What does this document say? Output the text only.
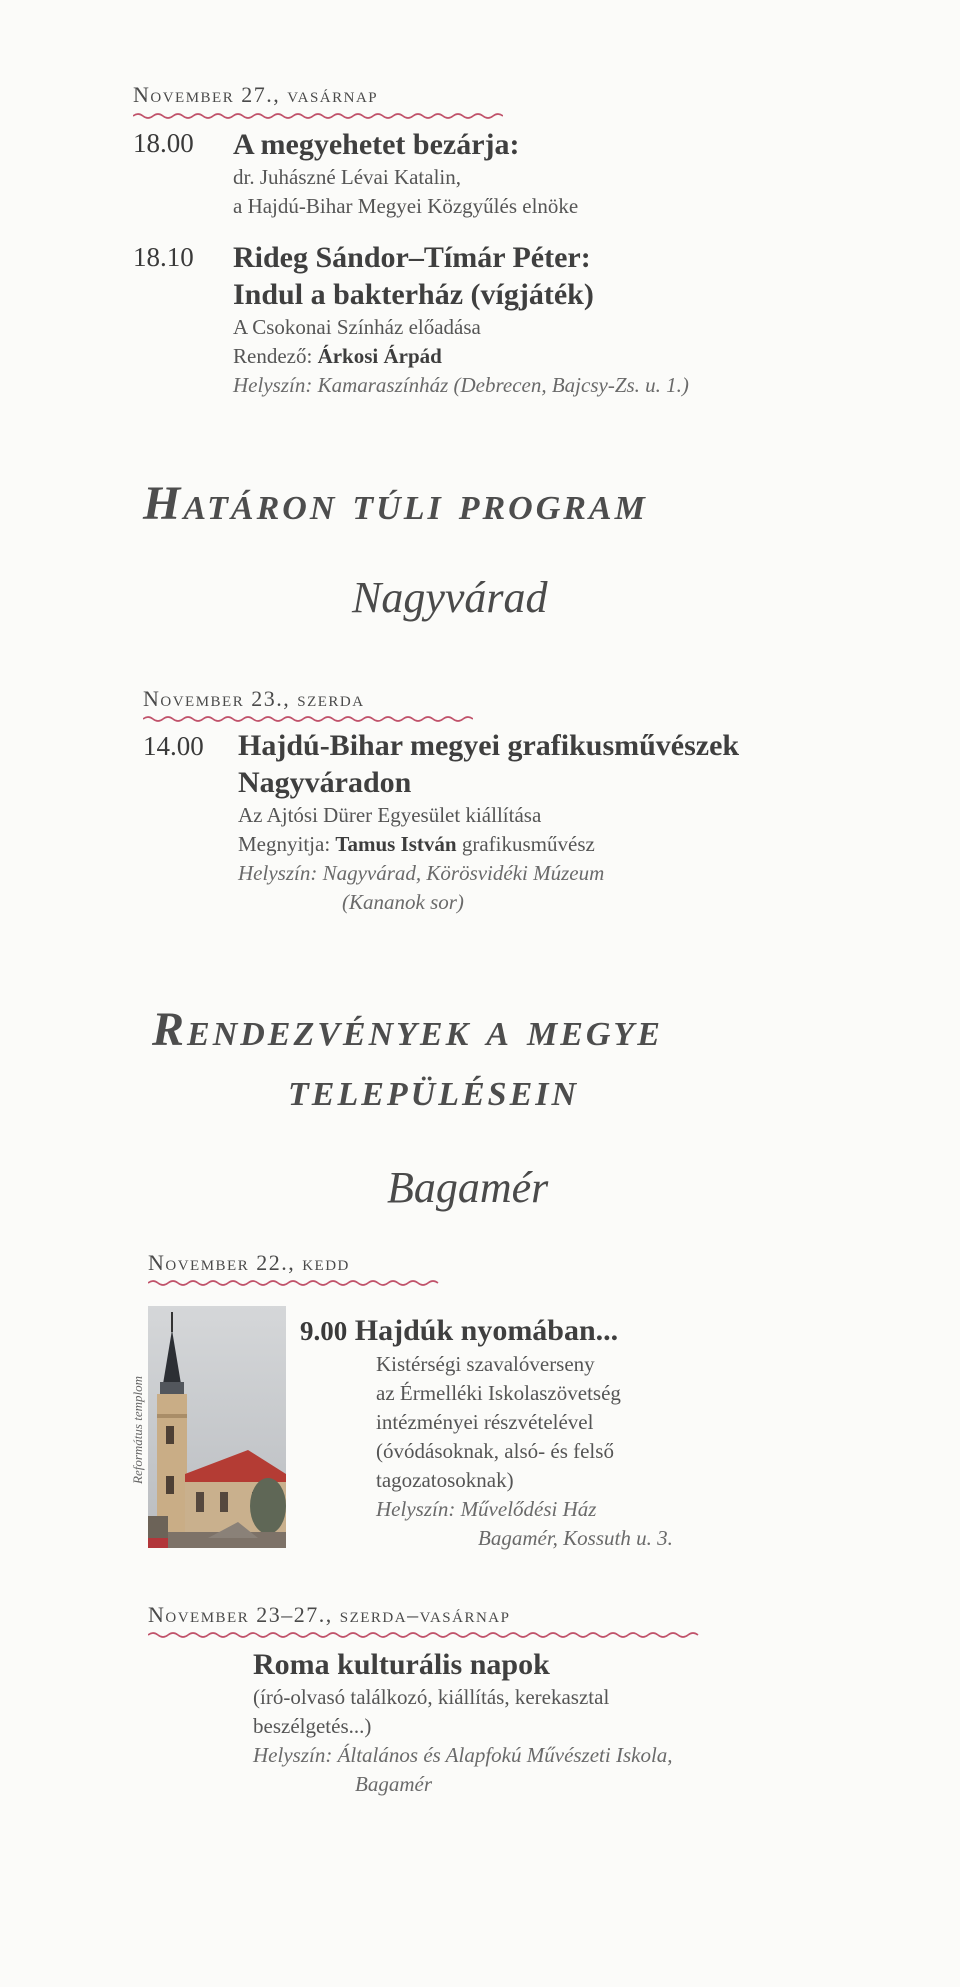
November 27., vasárnap
18.00 A megyehetet bezárja:
dr. Juhászné Lévai Katalin,
a Hajdú-Bihar Megyei Közgyűlés elnöke
18.10 Rideg Sándor–Tímár Péter:
Indul a bakterház (vígjáték)
A Csokonai Színház előadása
Rendező: Árkosi Árpád
Helyszín: Kamaraszínház (Debrecen, Bajcsy-Zs. u. 1.)
Határon túli program
Nagyvárad
November 23., szerda
14.00 Hajdú-Bihar megyei grafikusművészek
Nagyváradon
Az Ajtósi Dürer Egyesület kiállítása
Megnyitja: Tamus István grafikusművész
Helyszín: Nagyvárad, Körösvidéki Múzeum
(Kananok sor)
Rendezvények a megye
településein
Bagamér
November 22., kedd
Református templom
9.00 Hajdúk nyomában...
Kistérségi szavalóverseny
az Érmelléki Iskolaszövetség
intézményei részvételével
(óvódásoknak, alsó- és felső
tagozatosoknak)
Helyszín: Művelődési Ház
Bagamér, Kossuth u. 3.
November 23–27., szerda–vasárnap
Roma kulturális napok
(író-olvasó találkozó, kiállítás, kerekasztal
beszélgetés...)
Helyszín: Általános és Alapfokú Művészeti Iskola,
Bagamér
